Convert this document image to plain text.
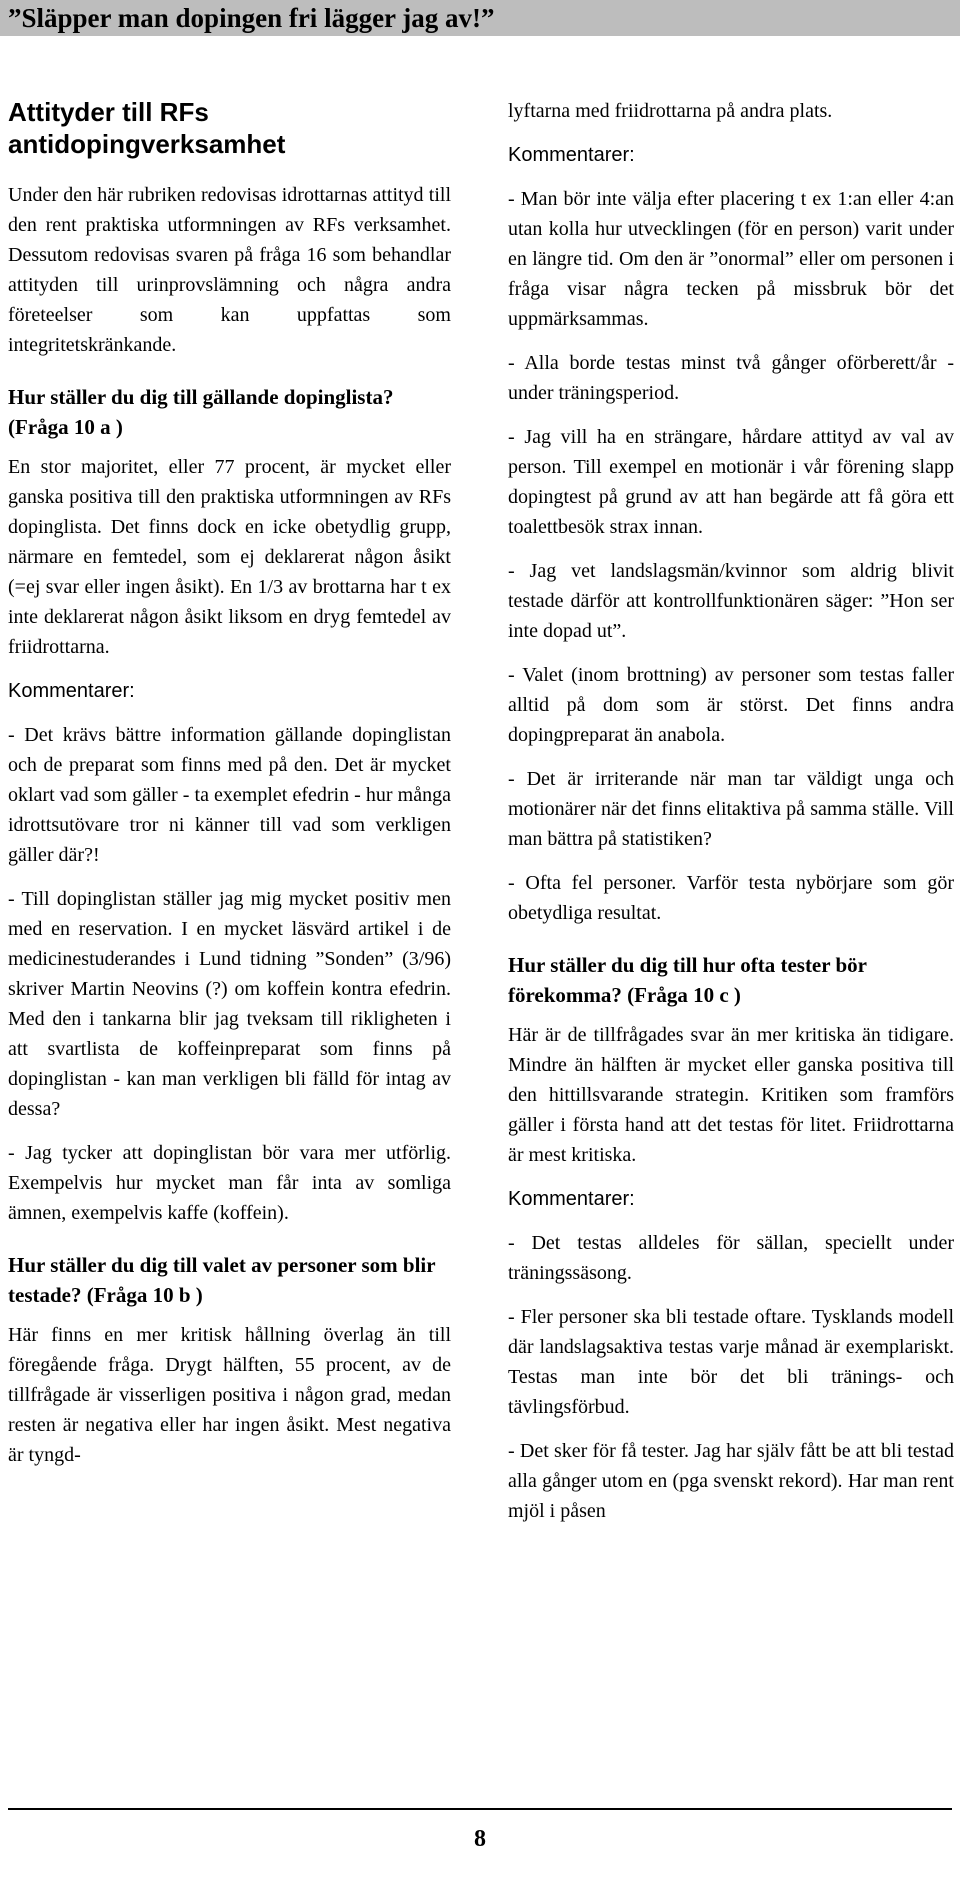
”Släpper man dopingen fri lägger jag av!”
Attityder till RFs antidopingverksamhet

Under den här rubriken redovisas idrottarnas attityd till den rent praktiska utformningen av RFs verksamhet. Dessutom redovisas svaren på fråga 16 som behandlar attityden till urinprovslämning och några andra företeelser som kan uppfattas som integritetskränkande.

Hur ställer du dig till gällande dopinglista? (Fråga 10 a )

En stor majoritet, eller 77 procent, är mycket eller ganska positiva till den praktiska utformningen av RFs dopinglista. Det finns dock en icke obetydlig grupp, närmare en femtedel, som ej deklarerat någon åsikt (=ej svar eller ingen åsikt). En 1/3 av brottarna har t ex inte deklarerat någon åsikt liksom en dryg femtedel av friidrottarna.

Kommentarer:

- Det krävs bättre information gällande dopinglistan och de preparat som finns med på den. Det är mycket oklart vad som gäller - ta exemplet efedrin - hur många idrottsutövare tror ni känner till vad som verkligen gäller där?!

- Till dopinglistan ställer jag mig mycket positiv men med en reservation. I en mycket läsvärd artikel i de medicinestuderandes i Lund tidning ”Sonden” (3/96) skriver Martin Neovins (?) om koffein kontra efedrin. Med den i tankarna blir jag tveksam till rikligheten i att svartlista de koffeinpreparat som finns på dopinglistan - kan man verkligen bli fälld för intag av dessa?

- Jag tycker att dopinglistan bör vara mer utförlig. Exempelvis hur mycket man får inta av somliga ämnen, exempelvis kaffe (koffein).

Hur ställer du dig till valet av personer som blir testade? (Fråga 10 b )

Här finns en mer kritisk hållning överlag än till föregående fråga. Drygt hälften, 55 procent, av de tillfrågade är visserligen positiva i någon grad, medan resten är negativa eller har ingen åsikt. Mest negativa är tyngd-

lyftarna med friidrottarna på andra plats.

Kommentarer:

- Man bör inte välja efter placering t ex 1:an eller 4:an utan kolla hur utvecklingen (för en person) varit under en längre tid. Om den är ”onormal” eller om personen i fråga visar några tecken på missbruk bör det uppmärksammas.

- Alla borde testas minst två gånger oförberett/år - under träningsperiod.

- Jag vill ha en strängare, hårdare attityd av val av person. Till exempel en motionär i vår förening slapp dopingtest på grund av att han begärde att få göra ett toalettbesök strax innan.

- Jag vet landslagsmän/kvinnor som aldrig blivit testade därför att kontrollfunktionären säger: ”Hon ser inte dopad ut”.

- Valet (inom brottning) av personer som testas faller alltid på dom som är störst. Det finns andra dopingpreparat än anabola.

- Det är irriterande när man tar väldigt unga och motionärer när det finns elitaktiva på samma ställe. Vill man bättra på statistiken?

- Ofta fel personer. Varför testa nybörjare som gör obetydliga resultat.

Hur ställer du dig till hur ofta tester bör förekomma? (Fråga 10 c )

Här är de tillfrågades svar än mer kritiska än tidigare. Mindre än hälften är mycket eller ganska positiva till den hittillsvarande strategin. Kritiken som framförs gäller i första hand att det testas för litet. Friidrottarna är mest kritiska.

Kommentarer:

- Det testas alldeles för sällan, speciellt under träningssäsong.

- Fler personer ska bli testade oftare. Tysklands modell där landslagsaktiva testas varje månad är exemplariskt. Testas man inte bör det bli tränings- och tävlingsförbud.

- Det sker för få tester. Jag har själv fått be att bli testad alla gånger utom en (pga svenskt rekord). Har man rent mjöl i påsen

8
